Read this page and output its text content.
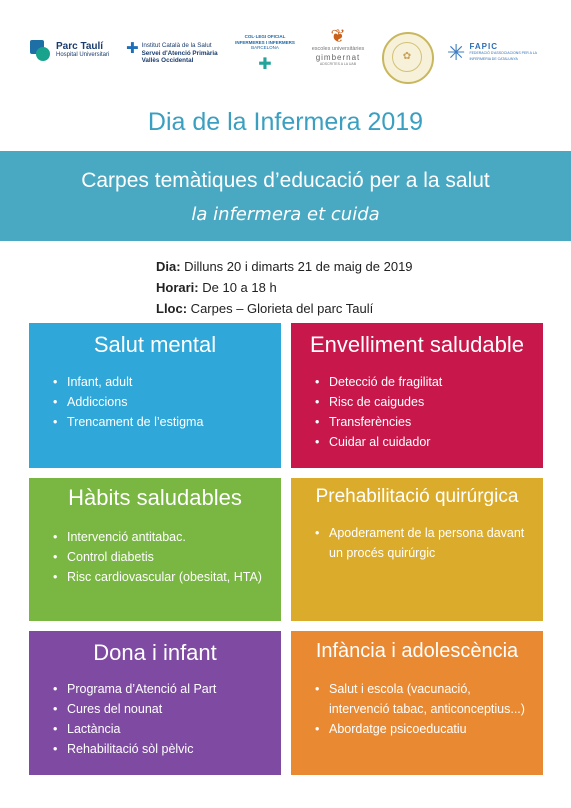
Parc Taulí
Hospital Universitari ✚ Institut Català de la Salut
Servei d'Atenció Primària
Vallès Occidental
COL·LEGI OFICIAL
INFERMERES I INFERMERS
BARCELONA
✚
❦
escoles universitàries
gimbernat
ADSCRITES A LA UAB
✿	✳ FAPIC
FEDERACIÓ D'ASSOCIACIONS PER A LA INFERMERIA DE CATALUNYA
Dia de la Infermera 2019
Carpes temàtiques d’educació per a la salut
la infermera et cuida
Dia: Dilluns 20 i dimarts 21 de maig de 2019
Horari: De 10 a 18 h
Lloc: Carpes – Glorieta del parc Taulí
Salut mental
• Infant, adult
• Addiccions
• Trencament de l’estigma
Envelliment saludable
• Detecció de fragilitat
• Risc de caigudes
• Transferències
• Cuidar al cuidador
Hàbits saludables
• Intervenció antitabac.
• Control diabetis
• Risc cardiovascular (obesitat, HTA)
Prehabilitació quirúrgica
• Apoderament de la persona davant un procés quirúrgic
Dona i infant
• Programa d’Atenció al Part
• Cures del nounat
• Lactància
• Rehabilitació sòl pèlvic
Infància i adolescència
• Salut i escola (vacunació, intervenció tabac, anticonceptius...)
• Abordatge psicoeducatiu
